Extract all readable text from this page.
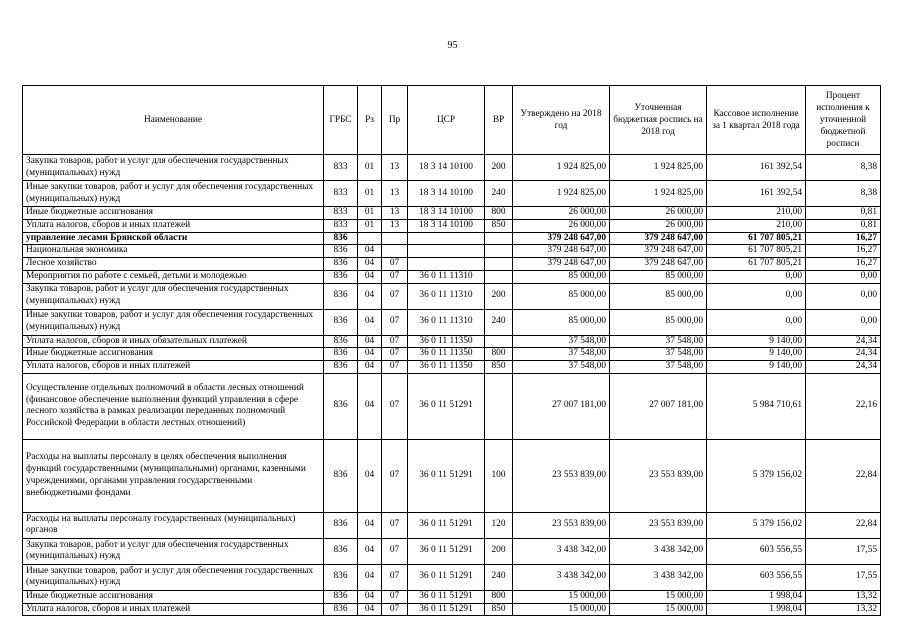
95
Наименование	ГРБС	Рз	Пр	ЦСР	ВР	Утверждено на 2018 год	Уточненная бюджетная роспись на 2018 год	Кассовое исполнение за 1 квартал 2018 года	Процент исполнения к уточненной бюджетной росписи
Закупка товаров, работ и услуг для обеспечения государственных (муниципальных) нужд	833	01	13	18 3 14 10100	200	1 924 825,00	1 924 825,00	161 392,54	8,38
Иные закупки товаров, работ и услуг для обеспечения государственных (муниципальных) нужд	833	01	13	18 3 14 10100	240	1 924 825,00	1 924 825,00	161 392,54	8,38
Иные бюджетные ассигнования	833	01	13	18 3 14 10100	800	26 000,00	26 000,00	210,00	0,81
Уплата налогов, сборов и иных платежей	833	01	13	18 3 14 10100	850	26 000,00	26 000,00	210,00	0,81
управление лесами Брянской области	836					379 248 647,00	379 248 647,00	61 707 805,21	16,27
Национальная экономика	836	04				379 248 647,00	379 248 647,00	61 707 805,21	16,27
Лесное хозяйство	836	04	07			379 248 647,00	379 248 647,00	61 707 805,21	16,27
Мероприятия по работе с семьей, детьми и молодежью	836	04	07	36 0 11 11310		85 000,00	85 000,00	0,00	0,00
Закупка товаров, работ и услуг для обеспечения государственных (муниципальных) нужд	836	04	07	36 0 11 11310	200	85 000,00	85 000,00	0,00	0,00
Иные закупки товаров, работ и услуг для обеспечения государственных (муниципальных) нужд	836	04	07	36 0 11 11310	240	85 000,00	85 000,00	0,00	0,00
Уплата налогов, сборов и иных обязательных платежей	836	04	07	36 0 11 11350		37 548,00	37 548,00	9 140,00	24,34
Иные бюджетные ассигнования	836	04	07	36 0 11 11350	800	37 548,00	37 548,00	9 140,00	24,34
Уплата налогов, сборов и иных платежей	836	04	07	36 0 11 11350	850	37 548,00	37 548,00	9 140,00	24,34
Осуществление отдельных полномочий в области лесных отношений (финансовое обеспечение выполнения функций управления в сфере лесного хозяйства в рамках реализации переданных полномочий Российской Федерации в области лестных отношений)	836	04	07	36 0 11 51291		27 007 181,00	27 007 181,00	5 984 710,61	22,16
Расходы на выплаты персоналу в целях обеспечения выполнения функций государственными (муниципальными) органами, казенными учреждениями, органами управления государственными внебюджетными фондами	836	04	07	36 0 11 51291	100	23 553 839,00	23 553 839,00	5 379 156,02	22,84
Расходы на выплаты персоналу государственных (муниципальных) органов	836	04	07	36 0 11 51291	120	23 553 839,00	23 553 839,00	5 379 156,02	22,84
Закупка товаров, работ и услуг для обеспечения государственных (муниципальных) нужд	836	04	07	36 0 11 51291	200	3 438 342,00	3 438 342,00	603 556,55	17,55
Иные закупки товаров, работ и услуг для обеспечения государственных (муниципальных) нужд	836	04	07	36 0 11 51291	240	3 438 342,00	3 438 342,00	603 556,55	17,55
Иные бюджетные ассигнования	836	04	07	36 0 11 51291	800	15 000,00	15 000,00	1 998,04	13,32
Уплата налогов, сборов и иных платежей	836	04	07	36 0 11 51291	850	15 000,00	15 000,00	1 998,04	13,32
